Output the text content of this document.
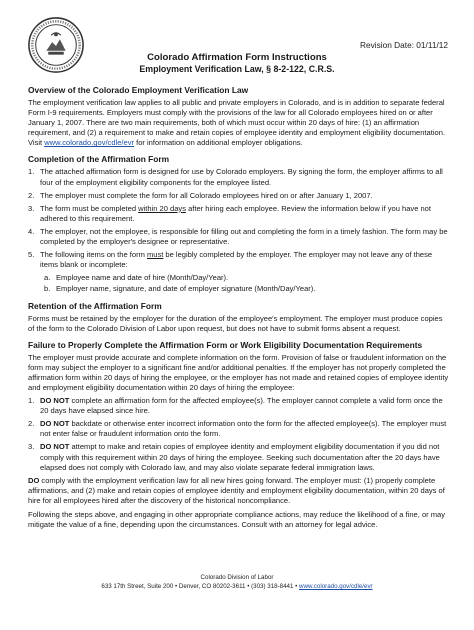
Revision Date: 01/11/12
Colorado Affirmation Form Instructions
Employment Verification Law, § 8-2-122, C.R.S.
Overview of the Colorado Employment Verification Law

The employment verification law applies to all public and private employers in Colorado, and is in addition to separate federal Form I-9 requirements. Employers must comply with the provisions of the law for all Colorado employees hired on or after January 1, 2007. There are two main requirements, both of which must occur within 20 days of hire: (1) an affirmation requirement, and (2) a requirement to make and retain copies of employee identity and employment eligibility documentation. Visit www.colorado.gov/cdle/evr for information on additional employer obligations.

Completion of the Affirmation Form
1. The attached affirmation form is designed for use by Colorado employers. By signing the form, the employer affirms to all four of the employment eligibility components for the employee listed.
2. The employer must complete the form for all Colorado employees hired on or after January 1, 2007.
3. The form must be completed within 20 days after hiring each employee. Review the information below if you have not adhered to this requirement.
4. The employer, not the employee, is responsible for filling out and completing the form in a timely fashion. The form may be completed by the employer's designee or representative.
5. The following items on the form must be legibly completed by the employer. The employer may not leave any of these items blank or incomplete:
a. Employee name and date of hire (Month/Day/Year).
b. Employer name, signature, and date of employer signature (Month/Day/Year).
Retention of the Affirmation Form

Forms must be retained by the employer for the duration of the employee's employment. The employer must produce copies of the form to the Colorado Division of Labor upon request, but does not have to submit forms absent a request.

Failure to Properly Complete the Affirmation Form or Work Eligibility Documentation Requirements

The employer must provide accurate and complete information on the form. Provision of false or fraudulent information on the form may subject the employer to a significant fine and/or additional penalties. If the employer has not properly completed the affirmation form within 20 days of hiring the employee, or the employer has not made and retained copies of employee identity and employment eligibility documentation within 20 days of hiring the employee:

1. DO NOT complete an affirmation form for the affected employee(s). The employer cannot complete a valid form once the 20 days have elapsed since hire.
2. DO NOT backdate or otherwise enter incorrect information onto the form for the affected employee(s). The employer must not enter false or fraudulent information onto the form.
3. DO NOT attempt to make and retain copies of employee identity and employment eligibility documentation if you did not comply with this requirement within 20 days of hiring the employee. Seeking such documentation after the 20 days have elapsed does not comply with Colorado law, and may also violate separate federal immigration laws.

DO comply with the employment verification law for all new hires going forward. The employer must: (1) properly complete affirmations, and (2) make and retain copies of employee identity and employment eligibility documentation, within 20 days of hire for all employees hired after the discovery of the historical noncompliance.

Following the steps above, and engaging in other appropriate compliance actions, may reduce the likelihood of a fine, or may mitigate the value of a fine, depending upon the circumstances. Consult with an attorney for legal advice.

Colorado Division of Labor
633 17th Street, Suite 200 • Denver, CO 80202-3611 • (303) 318-8441 • www.colorado.gov/cdle/evr
